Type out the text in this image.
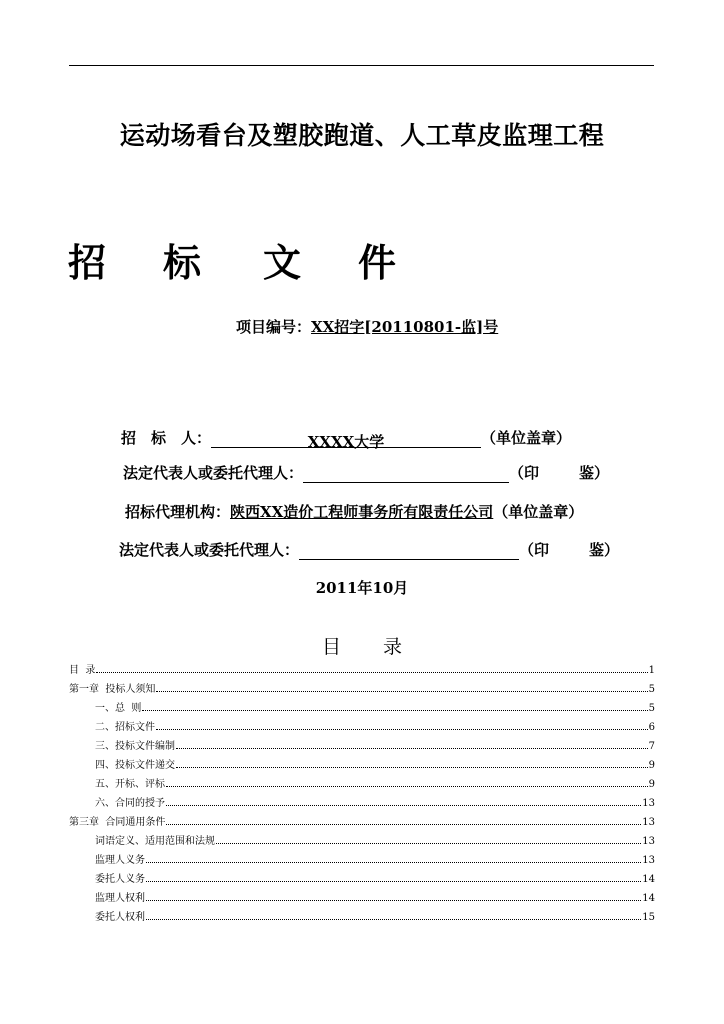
运动场看台及塑胶跑道、人工草皮监理工程
招 标 文 件
项目编号：XX招字[20110801-监]号
招　标　人：	XXXX大学	（单位盖章）
法定代表人或委托代理人：	（印	鉴）
招标代理机构：陕西XX造价工程师事务所有限责任公司（单位盖章）
法定代表人或委托代理人：	（印	鉴）
2011年10月
目 录
目  录	1
第一章  投标人须知	5
一、总  则	5
二、招标文件	6
三、投标文件编制	7
四、投标文件递交	9
五、开标、评标	9
六、合同的授予	13
第三章  合同通用条件	13
词语定义、适用范围和法规	13
监理人义务	13
委托人义务	14
监理人权利	14
委托人权利	15
